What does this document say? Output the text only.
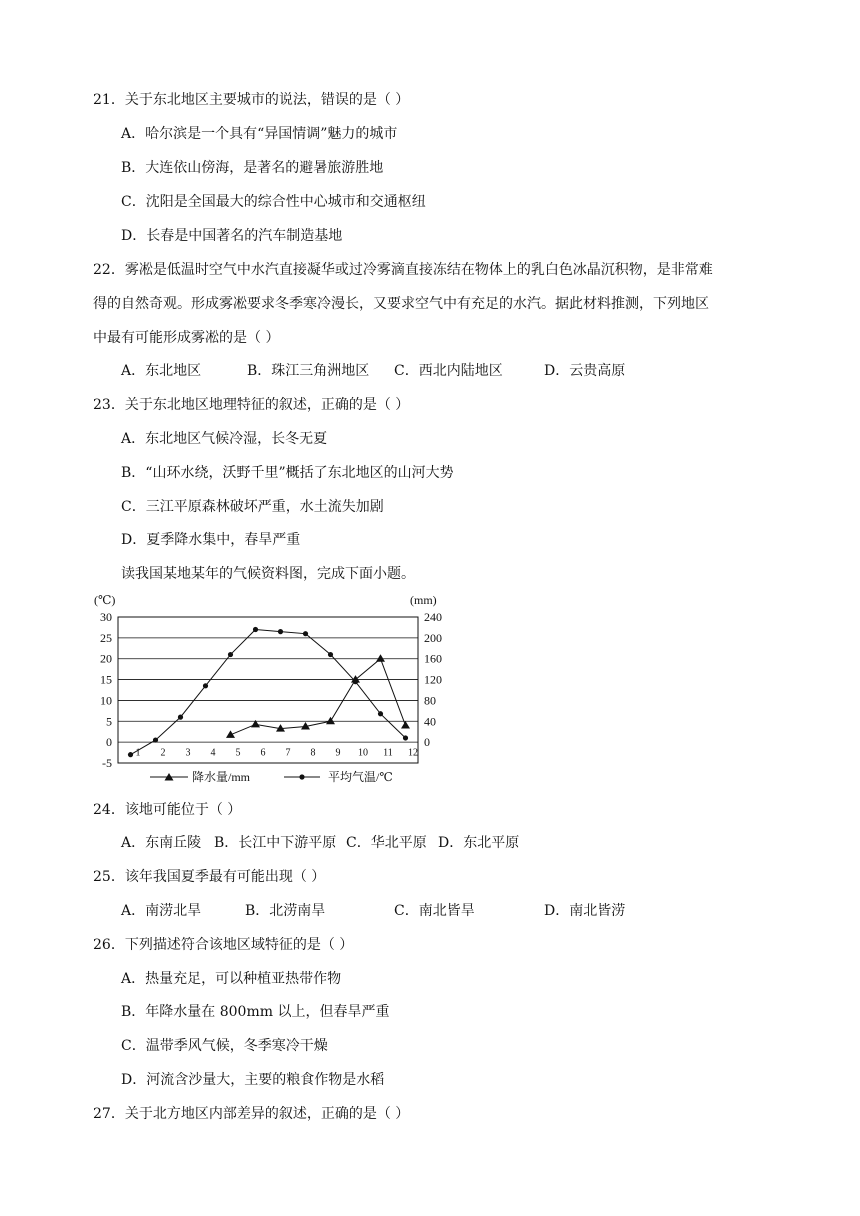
21．关于东北地区主要城市的说法，错误的是（ ）
A．哈尔滨是一个具有“异国情调”魅力的城市
B．大连依山傍海，是著名的避暑旅游胜地
C．沈阳是全国最大的综合性中心城市和交通枢纽
D．长春是中国著名的汽车制造基地
22．雾凇是低温时空气中水汽直接凝华或过冷雾滴直接冻结在物体上的乳白色冰晶沉积物，是非常难
得的自然奇观。形成雾凇要求冬季寒冷漫长，又要求空气中有充足的水汽。据此材料推测，下列地区
中最有可能形成雾凇的是（ ）
A．东北地区	B．珠江三角洲地区 C．西北内陆地区	D．云贵高原
23．关于东北地区地理特征的叙述，正确的是（ ）
A．东北地区气候冷湿，长冬无夏
B．“山环水绕，沃野千里”概括了东北地区的山河大势
C．三江平原森林破坏严重，水土流失加剧
D．夏季降水集中，春旱严重
读我国某地某年的气候资料图，完成下面小题。
(℃)	(mm)
30
25
20
15
10
5
0
-5
240
200
160
120
80
40
0
1 2 3 4 5 6 7 8 9 10 11 12
降水量/mm	平均气温/℃
24．该地可能位于（ ）
A．东南丘陵 B．长江中下游平原 C．华北平原 D．东北平原
25．该年我国夏季最有可能出现（ ）
A．南涝北旱	B．北涝南旱	C．南北皆旱	D．南北皆涝
26．下列描述符合该地区域特征的是（ ）
A．热量充足，可以种植亚热带作物
B．年降水量在 800mm 以上，但春旱严重
C．温带季风气候，冬季寒冷干燥
D．河流含沙量大，主要的粮食作物是水稻
27．关于北方地区内部差异的叙述，正确的是（ ）
